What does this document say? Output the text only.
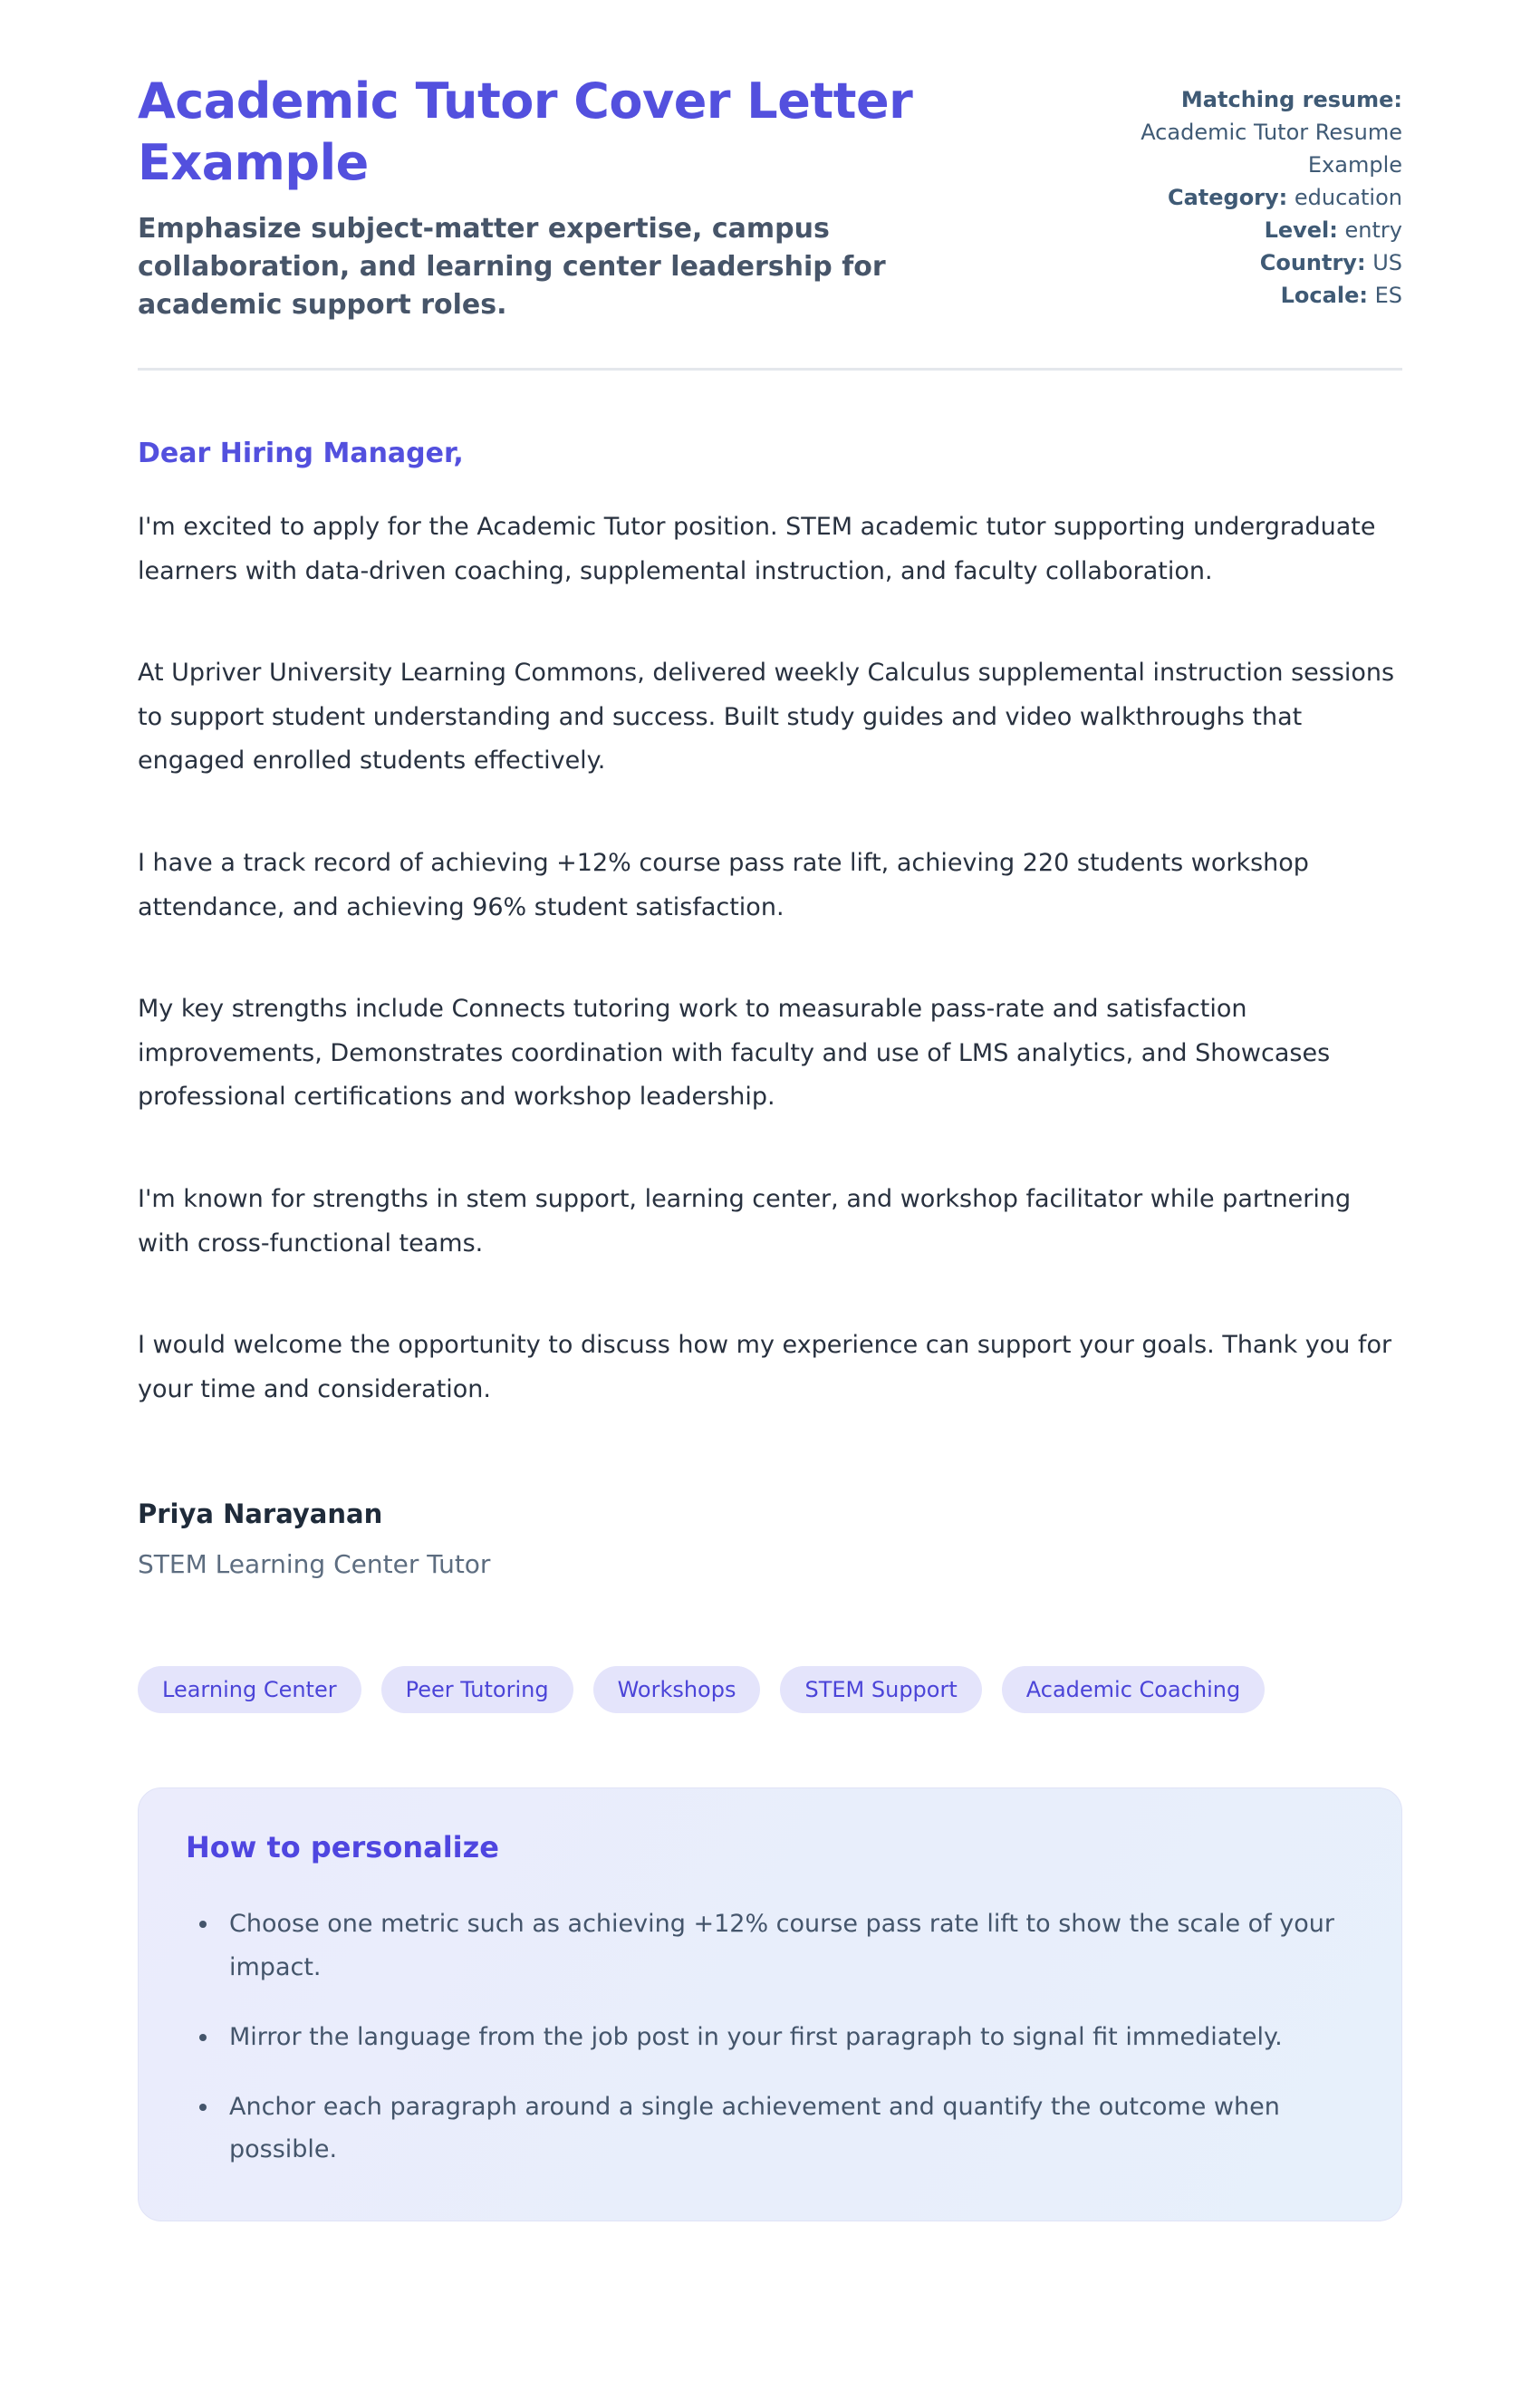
Academic Tutor Cover Letter Example

Emphasize subject-matter expertise, campus collaboration, and learning center leadership for academic support roles.

Matching resume:
Academic Tutor Resume Example
Category: education
Level: entry
Country: US
Locale: ES
Dear Hiring Manager,

I'm excited to apply for the Academic Tutor position. STEM academic tutor supporting undergraduate learners with data-driven coaching, supplemental instruction, and faculty collaboration.

At Upriver University Learning Commons, delivered weekly Calculus supplemental instruction sessions to support student understanding and success. Built study guides and video walkthroughs that engaged enrolled students effectively.

I have a track record of achieving +12% course pass rate lift, achieving 220 students workshop attendance, and achieving 96% student satisfaction.

My key strengths include Connects tutoring work to measurable pass-rate and satisfaction improvements, Demonstrates coordination with faculty and use of LMS analytics, and Showcases professional certifications and workshop leadership.

I'm known for strengths in stem support, learning center, and workshop facilitator while partnering with cross-functional teams.

I would welcome the opportunity to discuss how my experience can support your goals. Thank you for your time and consideration.

Priya Narayanan
STEM Learning Center Tutor
Learning Center	Peer Tutoring	Workshops	STEM Support	Academic Coaching
How to personalize
• Choose one metric such as achieving +12% course pass rate lift to show the scale of your impact.
• Mirror the language from the job post in your first paragraph to signal fit immediately.
• Anchor each paragraph around a single achievement and quantify the outcome when possible.
